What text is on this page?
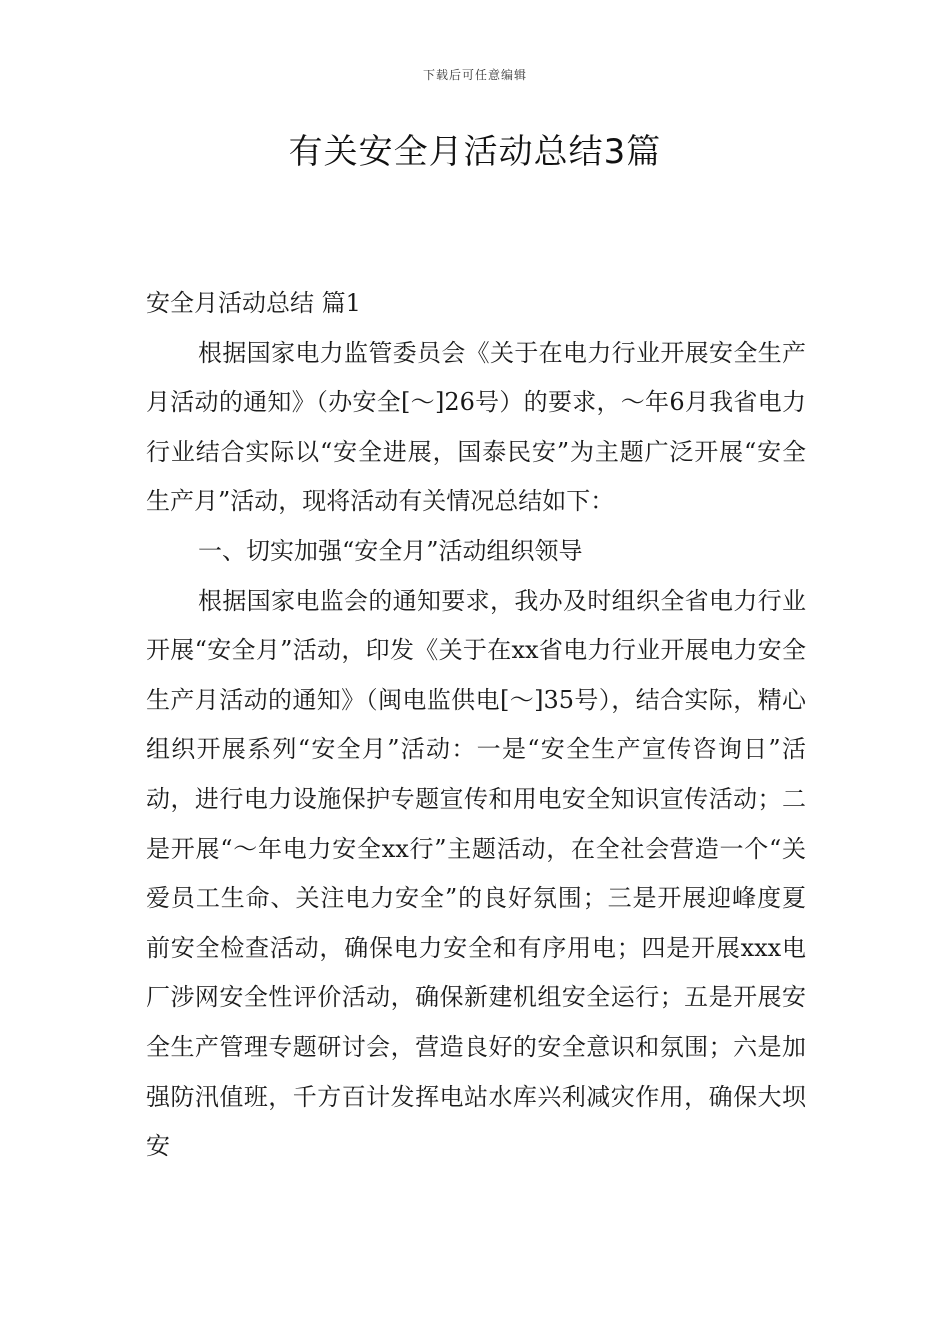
下载后可任意编辑
有关安全月活动总结3篇

安全月活动总结 篇1

根据国家电力监管委员会《关于在电力行业开展安全生产月活动的通知》（办安全[～]26号）的要求，～年6月我省电力行业结合实际以“安全进展，国泰民安”为主题广泛开展“安全生产月”活动，现将活动有关情况总结如下：

一、切实加强“安全月”活动组织领导

根据国家电监会的通知要求，我办及时组织全省电力行业开展“安全月”活动，印发《关于在xx省电力行业开展电力安全生产月活动的通知》（闽电监供电[～]35号），结合实际，精心组织开展系列“安全月”活动：一是“安全生产宣传咨询日”活动，进行电力设施保护专题宣传和用电安全知识宣传活动；二是开展“～年电力安全xx行”主题活动，在全社会营造一个“关爱员工生命、关注电力安全”的良好氛围；三是开展迎峰度夏前安全检查活动，确保电力安全和有序用电；四是开展xxx电厂涉网安全性评价活动，确保新建机组安全运行；五是开展安全生产管理专题研讨会，营造良好的安全意识和氛围；六是加强防汛值班，千方百计发挥电站水库兴利减灾作用，确保大坝安
